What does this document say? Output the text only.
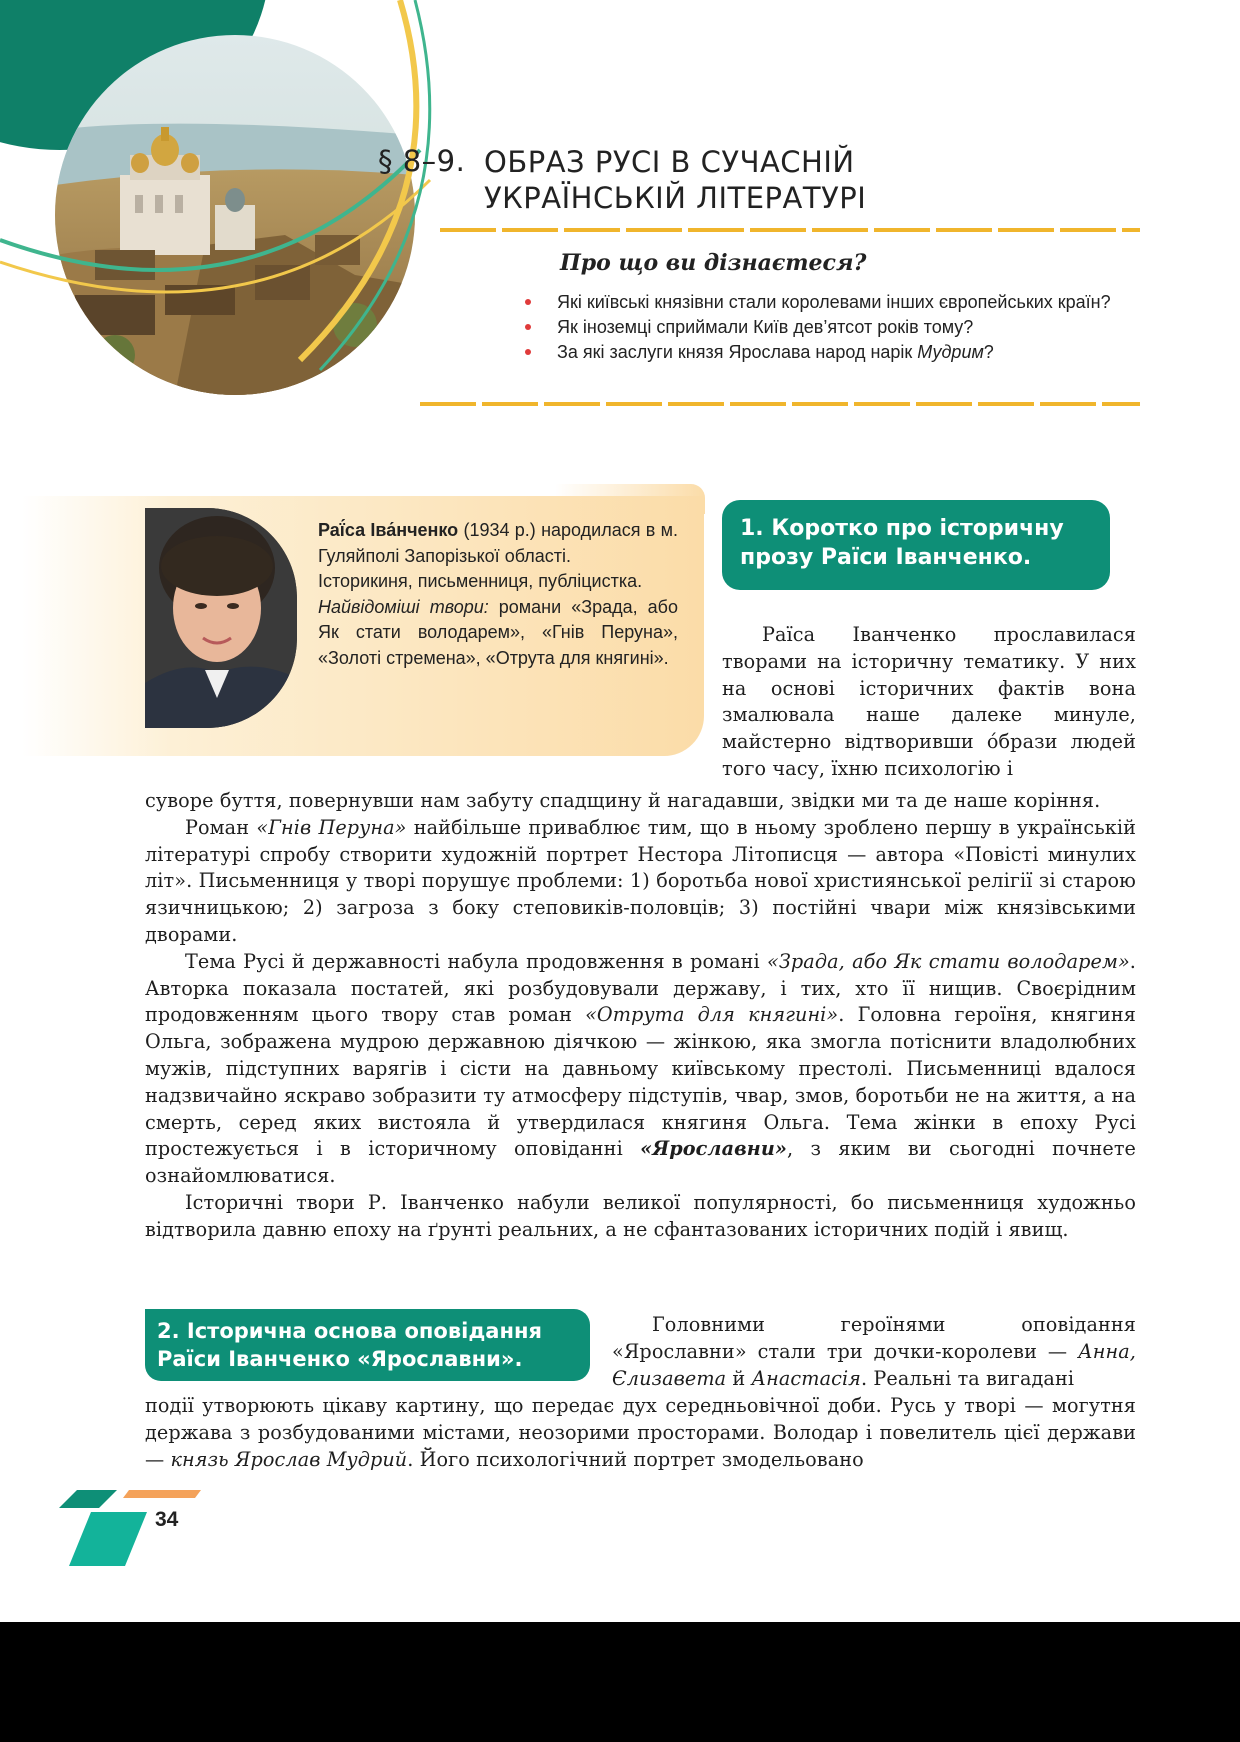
§ 8–9. ОБРАЗ РУСІ В СУЧАСНІЙ
УКРАЇНСЬКІЙ ЛІТЕРАТУРІ
Про що ви дізнаєтеся?
Які київські князівни стали королевами інших європейських країн?
Як іноземці сприймали Київ дев’ятсот років тому?
За які заслуги князя Ярослава народ нарік Мудрим?

Раї́са Іва́нченко (1934 р.) народилася в м. Гуляйполі Запорізької області.

Історикиня, письменниця, публіцистка.

Найвідоміші твори: романи «Зрада, або Як стати володарем», «Гнів Перуна», «Золоті стремена», «Отрута для княгині».

1. Коротко про історичну прозу Раїси Іванченко.

Раїса Іванченко прославилася творами на історичну тематику. У них на основі історичних фактів вона змалювала наше далеке минуле, майстерно відтворивши о́брази людей того часу, їхню психологію і

суворе буття, повернувши нам забуту спадщину й нагадавши, звідки ми та де наше коріння.

Роман «Гнів Перуна» найбільше приваблює тим, що в ньому зроблено першу в українській літературі спробу створити художній портрет Нестора Літописця — автора «Повісті минулих літ». Письменниця у творі порушує проблеми: 1) боротьба нової християнської релігії зі старою язичницькою; 2) загроза з боку степовиків-половців; 3) постійні чвари між князівськими дворами.

Тема Русі й державності набула продовження в романі «Зрада, або Як стати володарем». Авторка показала постатей, які розбудовували державу, і тих, хто її нищив. Своєрідним продовженням цього твору став роман «Отрута для княгині». Головна героїня, княгиня Ольга, зображена мудрою державною діячкою — жінкою, яка змогла потіснити владолюбних мужів, підступних варягів і сісти на давньому київському престолі. Письменниці вдалося надзвичайно яскраво зобразити ту атмосферу підступів, чвар, змов, боротьби не на життя, а на смерть, серед яких вистояла й утвердилася княгиня Ольга. Тема жінки в епоху Русі простежується і в історичному оповіданні «Ярославни», з яким ви сьогодні почнете ознайомлюватися.

Історичні твори Р. Іванченко набули великої популярності, бо письменниця художньо відтворила давню епоху на ґрунті реальних, а не сфантазованих історичних подій і явищ.

2. Історична основа оповідання Раїси Іванченко «Ярославни».

Головними героїнями оповідання «Ярославни» стали три дочки-королеви — Анна, Єлизавета й Анастасія. Реальні та вигадані

події утворюють цікаву картину, що передає дух середньовічної доби. Русь у творі — могутня держава з розбудованими містами, неозорими просторами. Володар і повелитель цієї держави — князь Ярослав Мудрий. Його психологічний портрет змодельовано

34
